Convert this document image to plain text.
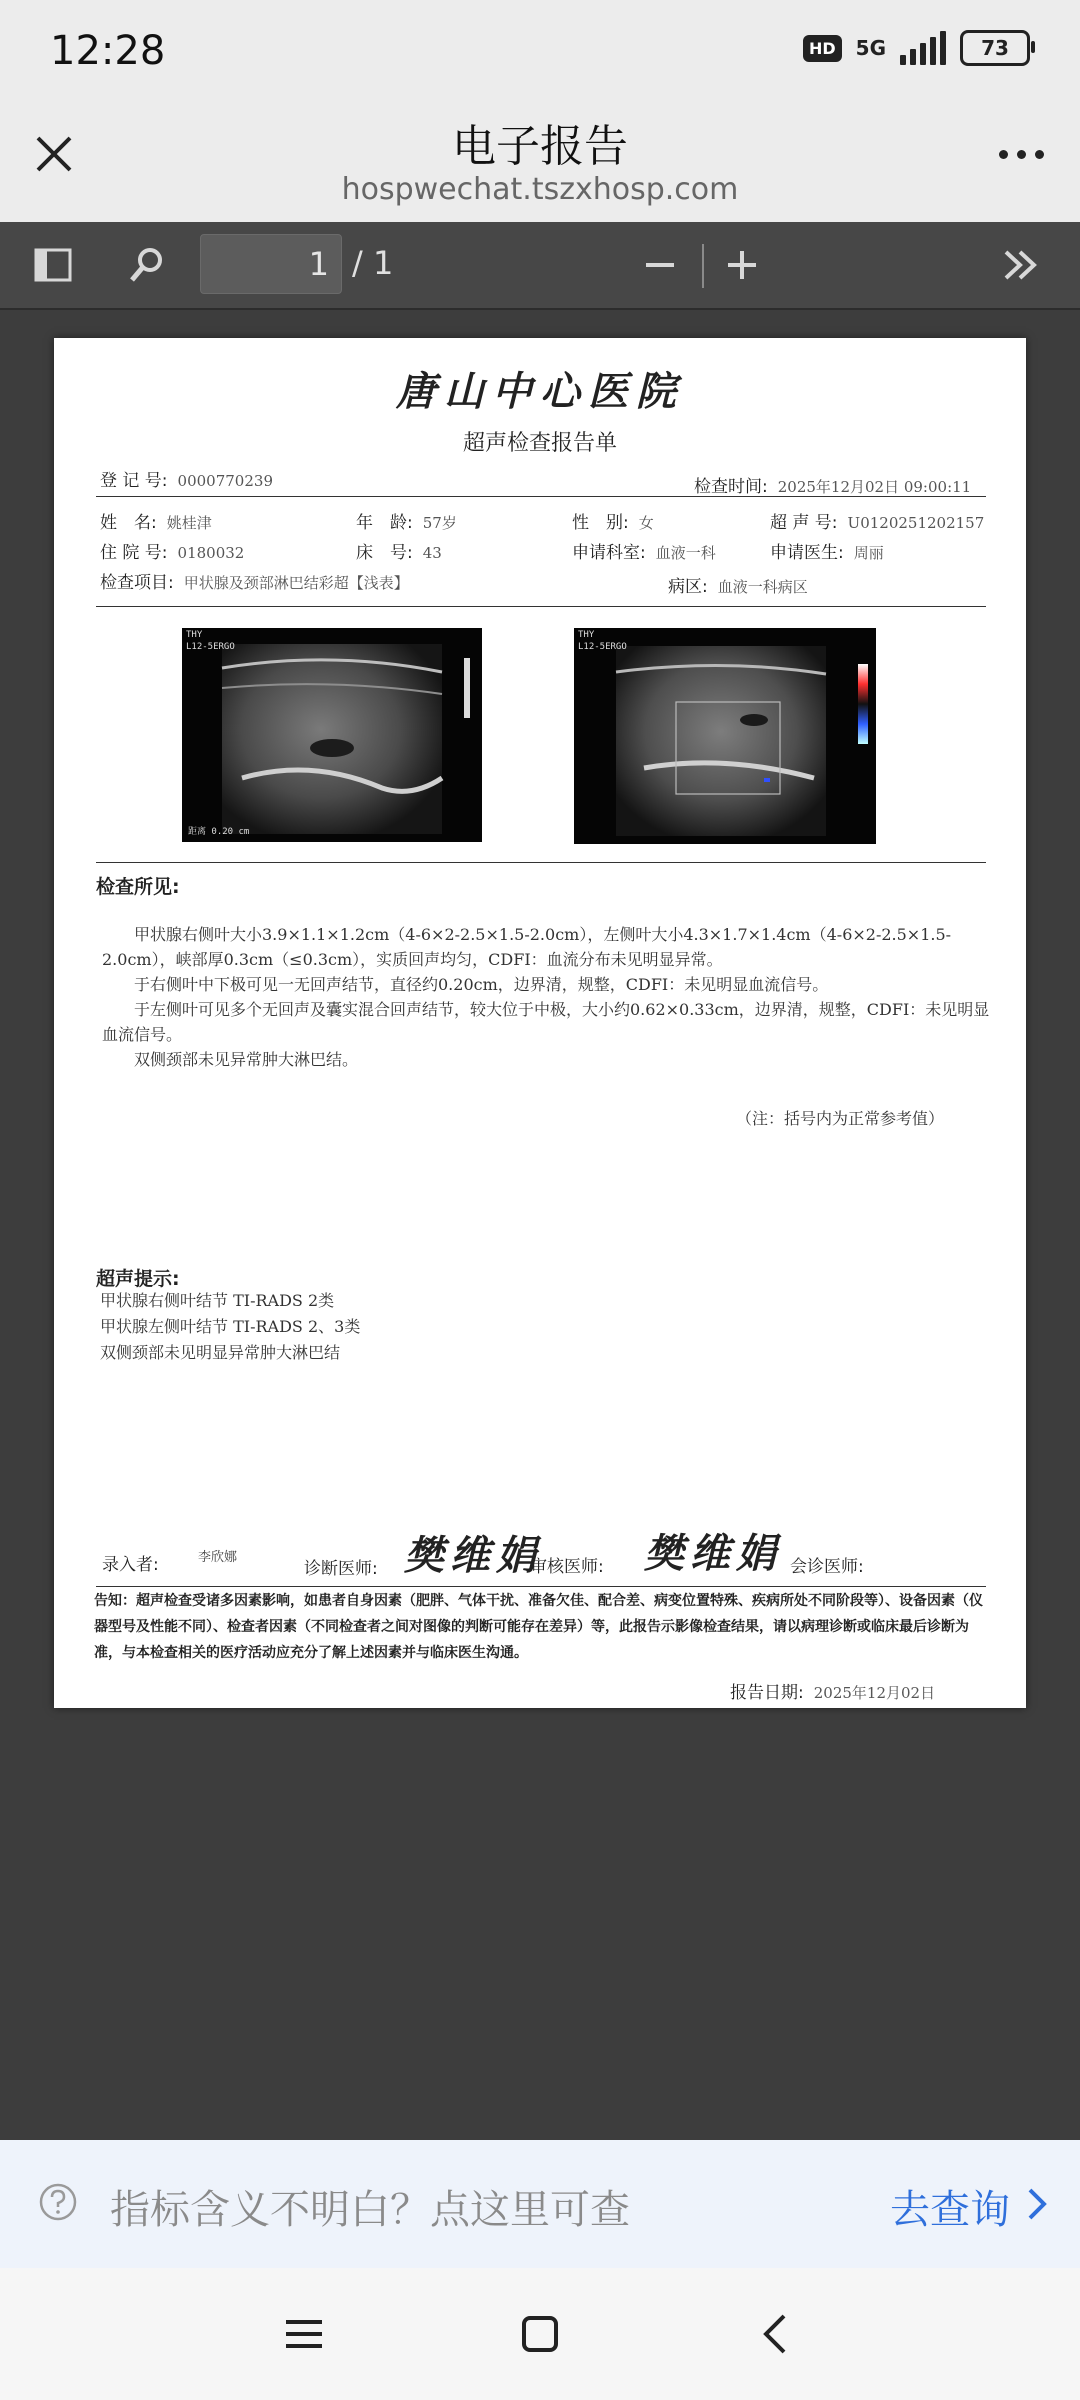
12:28	HD	5G	73
电子报告
hospwechat.tszxhosp.com
1 / 1
唐山中心医院
超声检查报告单
登 记 号: 0000770239	检查时间: 2025年12月02日 09:00:11
姓　名: 姚桂津	年　龄: 57岁	性　别: 女	超 声 号: U0120251202157
住 院 号: 0180032	床　号: 43	申请科室: 血液一科	申请医生: 周丽
检查项目: 甲状腺及颈部淋巴结彩超【浅表】	病区: 血液一科病区
THY
L12-5ERGO
距离 0.20 cm
THY
L12-5ERGO
检查所见:

甲状腺右侧叶大小3.9×1.1×1.2cm（4-6×2-2.5×1.5-2.0cm），左侧叶大小4.3×1.7×1.4cm（4-6×2-2.5×1.5-2.0cm），峡部厚0.3cm（≤0.3cm），实质回声均匀，CDFI：血流分布未见明显异常。

于右侧叶中下极可见一无回声结节，直径约0.20cm，边界清，规整，CDFI：未见明显血流信号。

于左侧叶可见多个无回声及囊实混合回声结节，较大位于中极，大小约0.62×0.33cm，边界清，规整，CDFI：未见明显血流信号。

双侧颈部未见异常肿大淋巴结。

（注：括号内为正常参考值）
超声提示:
甲状腺右侧叶结节 TI-RADS 2类
甲状腺左侧叶结节 TI-RADS 2、3类
双侧颈部未见明显异常肿大淋巴结
录入者:	李欣娜
诊断医师: 樊维娟
审核医师: 樊维娟 会诊医师:
告知：超声检查受诸多因素影响，如患者自身因素（肥胖、气体干扰、准备欠佳、配合差、病变位置特殊、疾病所处不同阶段等）、设备因素（仪器型号及性能不同）、检查者因素（不同检查者之间对图像的判断可能存在差异）等，此报告示影像检查结果，请以病理诊断或临床最后诊断为准，与本检查相关的医疗活动应充分了解上述因素并与临床医生沟通。
报告日期: 2025年12月02日
指标含义不明白？点这里可查	去查询
